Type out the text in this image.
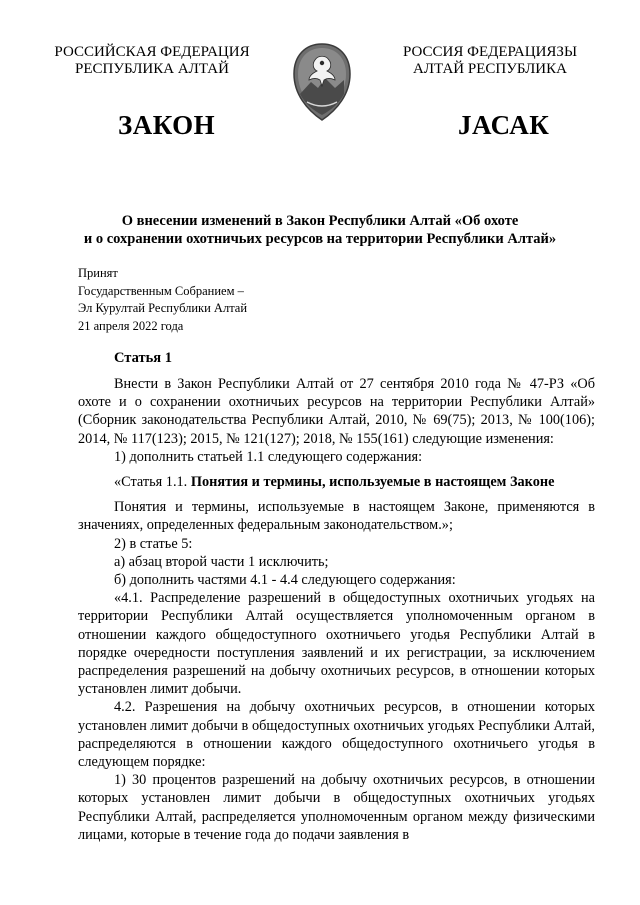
РОССИЙСКАЯ ФЕДЕРАЦИЯ
РЕСПУБЛИКА АЛТАЙ
РОССИЯ ФЕДЕРАЦИЯЗЫ
АЛТАЙ РЕСПУБЛИКА
ЗАКОН	ЈАСАК
О внесении изменений в Закон Республики Алтай «Об охоте
и о сохранении охотничьих ресурсов на территории Республики Алтай»
Принят
Государственным Собранием –
Эл Курултай Республики Алтай
21 апреля 2022 года
Статья 1

Внести в Закон Республики Алтай от 27 сентября 2010 года № 47-РЗ «Об охоте и о сохранении охотничьих ресурсов на территории Республики Алтай» (Сборник законодательства Республики Алтай, 2010, № 69(75); 2013, № 100(106); 2014, № 117(123); 2015, № 121(127); 2018, № 155(161) следующие изменения:

1) дополнить статьей 1.1 следующего содержания:

«Статья 1.1. Понятия и термины, используемые в настоящем Законе

Понятия и термины, используемые в настоящем Законе, применяются в значениях, определенных федеральным законодательством.»;

2) в статье 5:

а) абзац второй части 1 исключить;

б) дополнить частями 4.1 - 4.4 следующего содержания:

«4.1. Распределение разрешений в общедоступных охотничьих угодьях на территории Республики Алтай осуществляется уполномоченным органом в отношении каждого общедоступного охотничьего угодья Республики Алтай в порядке очередности поступления заявлений и их регистрации, за исключением распределения разрешений на добычу охотничьих ресурсов, в отношении которых установлен лимит добычи.

4.2. Разрешения на добычу охотничьих ресурсов, в отношении которых установлен лимит добычи в общедоступных охотничьих угодьях Республики Алтай, распределяются в отношении каждого общедоступного охотничьего угодья в следующем порядке:

1) 30 процентов разрешений на добычу охотничьих ресурсов, в отношении которых установлен лимит добычи в общедоступных охотничьих угодьях Республики Алтай, распределяется уполномоченным органом между физическими лицами, которые в течение года до подачи заявления в
